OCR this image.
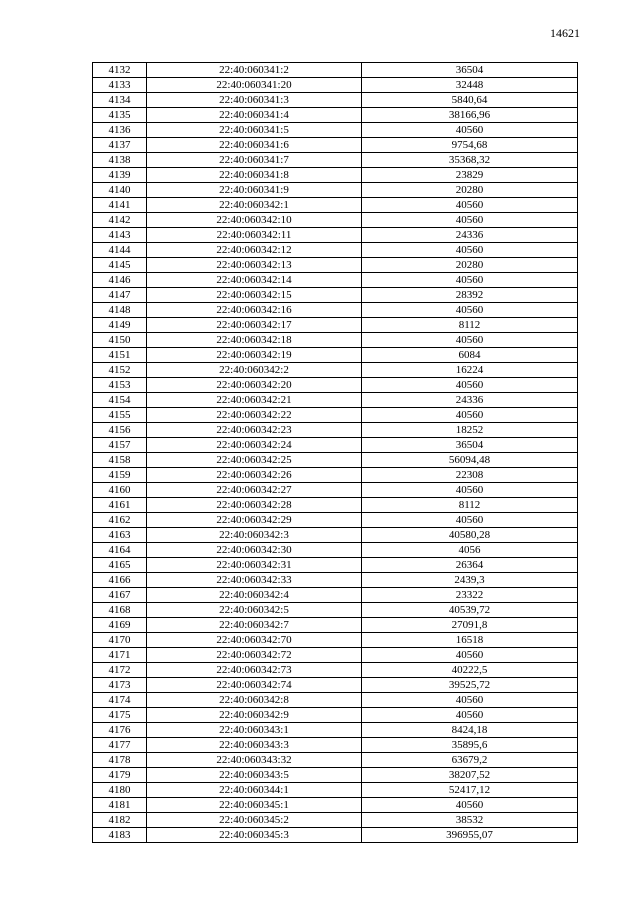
14621
4132	22:40:060341:2	36504
4133	22:40:060341:20	32448
4134	22:40:060341:3	5840,64
4135	22:40:060341:4	38166,96
4136	22:40:060341:5	40560
4137	22:40:060341:6	9754,68
4138	22:40:060341:7	35368,32
4139	22:40:060341:8	23829
4140	22:40:060341:9	20280
4141	22:40:060342:1	40560
4142	22:40:060342:10	40560
4143	22:40:060342:11	24336
4144	22:40:060342:12	40560
4145	22:40:060342:13	20280
4146	22:40:060342:14	40560
4147	22:40:060342:15	28392
4148	22:40:060342:16	40560
4149	22:40:060342:17	8112
4150	22:40:060342:18	40560
4151	22:40:060342:19	6084
4152	22:40:060342:2	16224
4153	22:40:060342:20	40560
4154	22:40:060342:21	24336
4155	22:40:060342:22	40560
4156	22:40:060342:23	18252
4157	22:40:060342:24	36504
4158	22:40:060342:25	56094,48
4159	22:40:060342:26	22308
4160	22:40:060342:27	40560
4161	22:40:060342:28	8112
4162	22:40:060342:29	40560
4163	22:40:060342:3	40580,28
4164	22:40:060342:30	4056
4165	22:40:060342:31	26364
4166	22:40:060342:33	2439,3
4167	22:40:060342:4	23322
4168	22:40:060342:5	40539,72
4169	22:40:060342:7	27091,8
4170	22:40:060342:70	16518
4171	22:40:060342:72	40560
4172	22:40:060342:73	40222,5
4173	22:40:060342:74	39525,72
4174	22:40:060342:8	40560
4175	22:40:060342:9	40560
4176	22:40:060343:1	8424,18
4177	22:40:060343:3	35895,6
4178	22:40:060343:32	63679,2
4179	22:40:060343:5	38207,52
4180	22:40:060344:1	52417,12
4181	22:40:060345:1	40560
4182	22:40:060345:2	38532
4183	22:40:060345:3	396955,07
